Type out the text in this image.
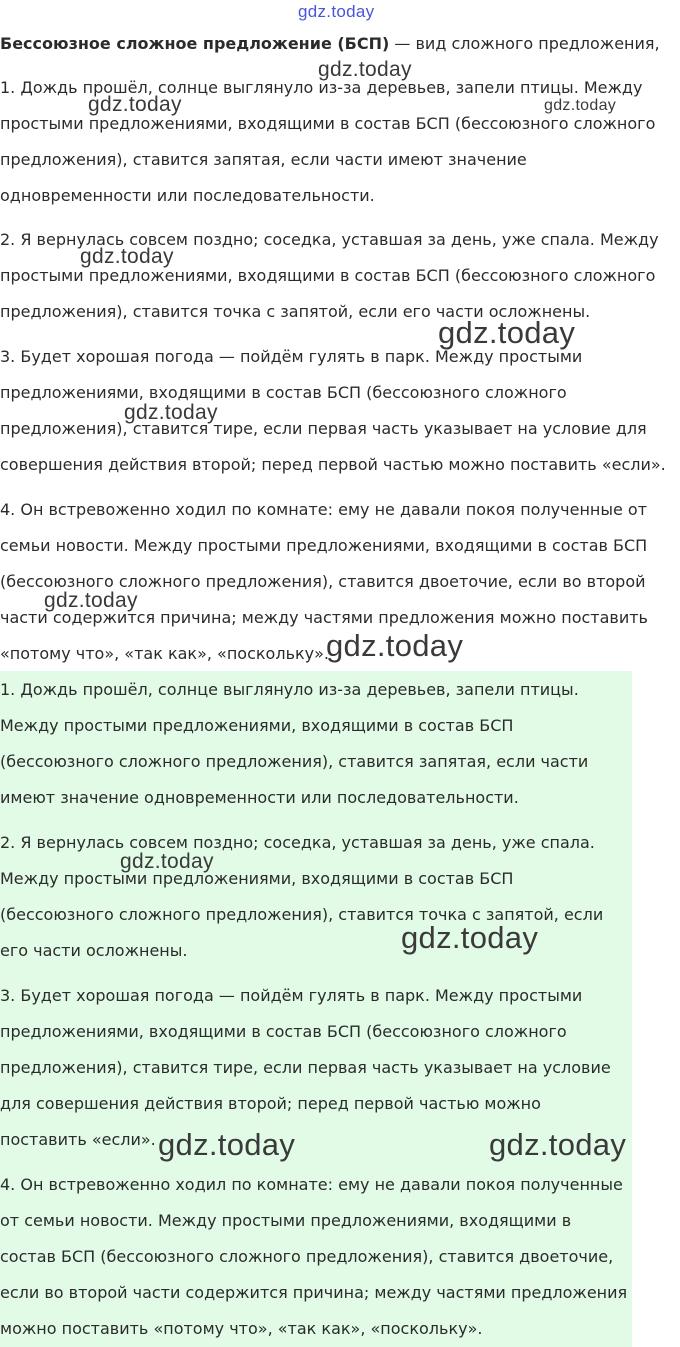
gdz.today

Бессоюзное сложное предложение (БСП) — вид сложного предложения,

1. Дождь прошёл, солнце выглянуло из-за деревьев, запели птицы. Между простыми предложениями, входящими в состав БСП (бессоюзного сложного предложения), ставится запятая, если части имеют значение одновременности или последовательности.

2. Я вернулась совсем поздно; соседка, уставшая за день, уже спала. Между простыми предложениями, входящими в состав БСП (бессоюзного сложного предложения), ставится точка с запятой, если его части осложнены.

3. Будет хорошая погода — пойдём гулять в парк. Между простыми предложениями, входящими в состав БСП (бессоюзного сложного предложения), ставится тире, если первая часть указывает на условие для совершения действия второй; перед первой частью можно поставить «если».

4. Он встревоженно ходил по комнате: ему не давали покоя полученные от семьи новости. Между простыми предложениями, входящими в состав БСП (бессоюзного сложного предложения), ставится двоеточие, если во второй части содержится причина; между частями предложения можно поставить «потому что», «так как», «поскольку».

1. Дождь прошёл, солнце выглянуло из-за деревьев, запели птицы. Между простыми предложениями, входящими в состав БСП (бессоюзного сложного предложения), ставится запятая, если части имеют значение одновременности или последовательности.

2. Я вернулась совсем поздно; соседка, уставшая за день, уже спала. Между простыми предложениями, входящими в состав БСП (бессоюзного сложного предложения), ставится точка с запятой, если его части осложнены.

3. Будет хорошая погода — пойдём гулять в парк. Между простыми предложениями, входящими в состав БСП (бессоюзного сложного предложения), ставится тире, если первая часть указывает на условие для совершения действия второй; перед первой частью можно поставить «если».

4. Он встревоженно ходил по комнате: ему не давали покоя полученные от семьи новости. Между простыми предложениями, входящими в состав БСП (бессоюзного сложного предложения), ставится двоеточие, если во второй части содержится причина; между частями предложения можно поставить «потому что», «так как», «поскольку».

gdz.today
gdz.today	gdz.today
gdz.today
gdz.today
gdz.today
gdz.today
gdz.today
gdz.today
gdz.today
gdz.today	gdz.today
